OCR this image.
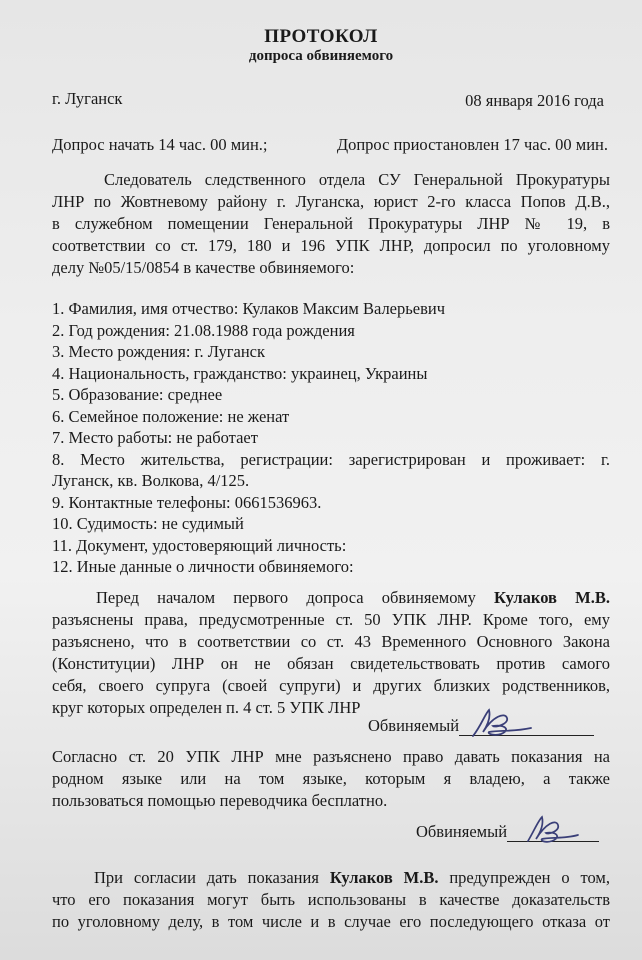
ПРОТОКОЛ
допроса обвиняемого
г. Луганск	08 января 2016 года
Допрос начать 14 час. 00 мин.;	Допрос приостановлен 17 час. 00 мин.
Следователь следственного отдела СУ Генеральной Прокуратуры
ЛНР по Жовтневому району г. Луганска, юрист 2-го класса Попов Д.В.,
в служебном помещении Генеральной Прокуратуры ЛНР № 19, в
соответствии со ст. 179, 180 и 196 УПК ЛНР, допросил по уголовному
делу №05/15/0854 в качестве обвиняемого:
1. Фамилия, имя отчество: Кулаков Максим Валерьевич
2. Год рождения: 21.08.1988 года рождения
3. Место рождения: г. Луганск
4. Национальность, гражданство: украинец, Украины
5. Образование: среднее
6. Семейное положение: не женат
7. Место работы: не работает
8. Место жительства, регистрации: зарегистрирован и проживает: г.
Луганск, кв. Волкова, 4/125.
9. Контактные телефоны: 0661536963.
10. Судимость: не судимый
11. Документ, удостоверяющий личность:
12. Иные данные о личности обвиняемого:
Перед началом первого допроса обвиняемому Кулаков М.В.
разъяснены права, предусмотренные ст. 50 УПК ЛНР. Кроме того, ему
разъяснено, что в соответствии со ст. 43 Временного Основного Закона
(Конституции) ЛНР он не обязан свидетельствовать против самого
себя, своего супруга (своей супруги) и других близких родственников,
круг которых определен п. 4 ст. 5 УПК ЛНР
Обвиняемый
Согласно ст. 20 УПК ЛНР мне разъяснено право давать показания на
родном языке или на том языке, которым я владею, а также
пользоваться помощью переводчика бесплатно.
Обвиняемый
При согласии дать показания Кулаков М.В. предупрежден о том,
что его показания могут быть использованы в качестве доказательств
по уголовному делу, в том числе и в случае его последующего отказа от
